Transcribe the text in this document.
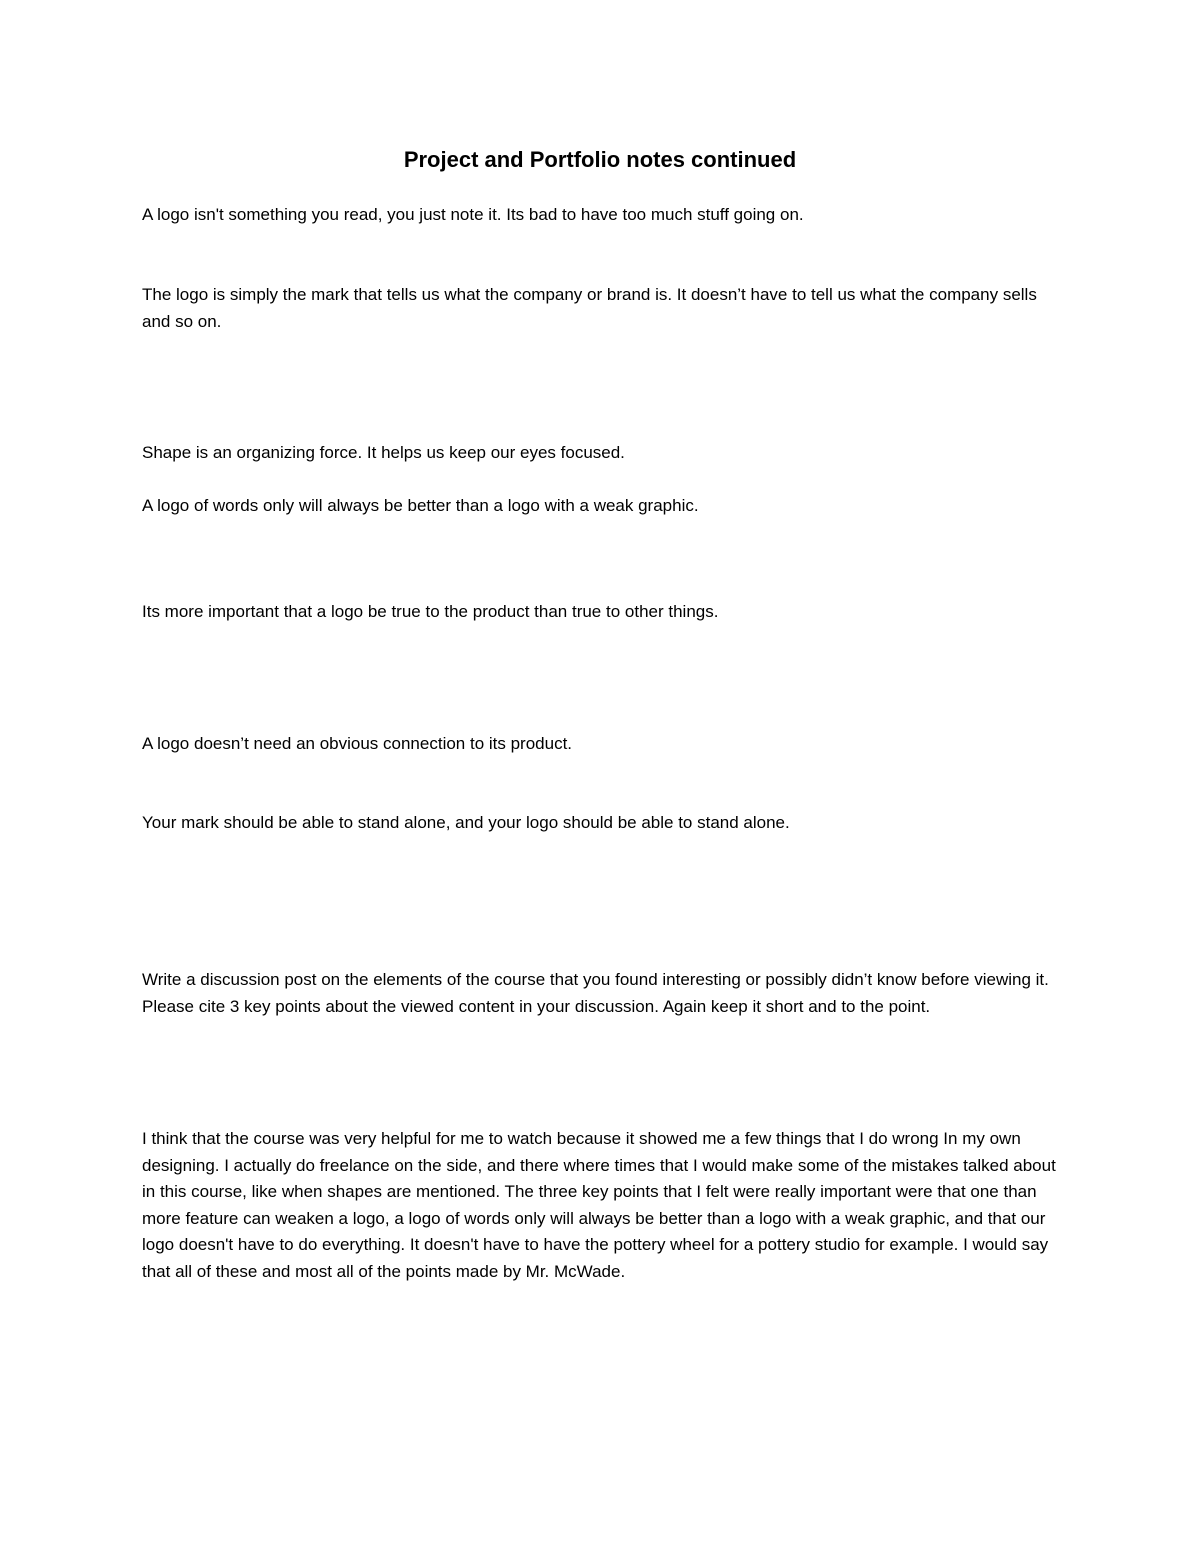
Project and Portfolio notes continued

A logo isn't something you read, you just note it. Its bad to have too much stuff going on.

The logo is simply the mark that tells us what the company or brand is. It doesn’t have to tell us what the company sells and so on.

Shape is an organizing force. It helps us keep our eyes focused.

A logo of words only will always be better than a logo with a weak graphic.

Its more important that a logo be true to the product than true to other things.

A logo doesn’t need an obvious connection to its product.

Your mark should be able to stand alone, and your logo should be able to stand alone.

Write a discussion post on the elements of the course that you found interesting or possibly didn’t know before viewing it. Please cite 3 key points about the viewed content in your discussion. Again keep it short and to the point.

I think that the course was very helpful for me to watch because it showed me a few things that I do wrong In my own designing. I actually do freelance on the side, and there where times that I would make some of the mistakes talked about in this course, like when shapes are mentioned. The three key points that I felt were really important were that one than more feature can weaken a logo, a logo of words only will always be better than a logo with a weak graphic, and that our logo doesn't have to do everything. It doesn't have to have the pottery wheel for a pottery studio for example. I would say that all of these and most all of the points made by Mr. McWade.
